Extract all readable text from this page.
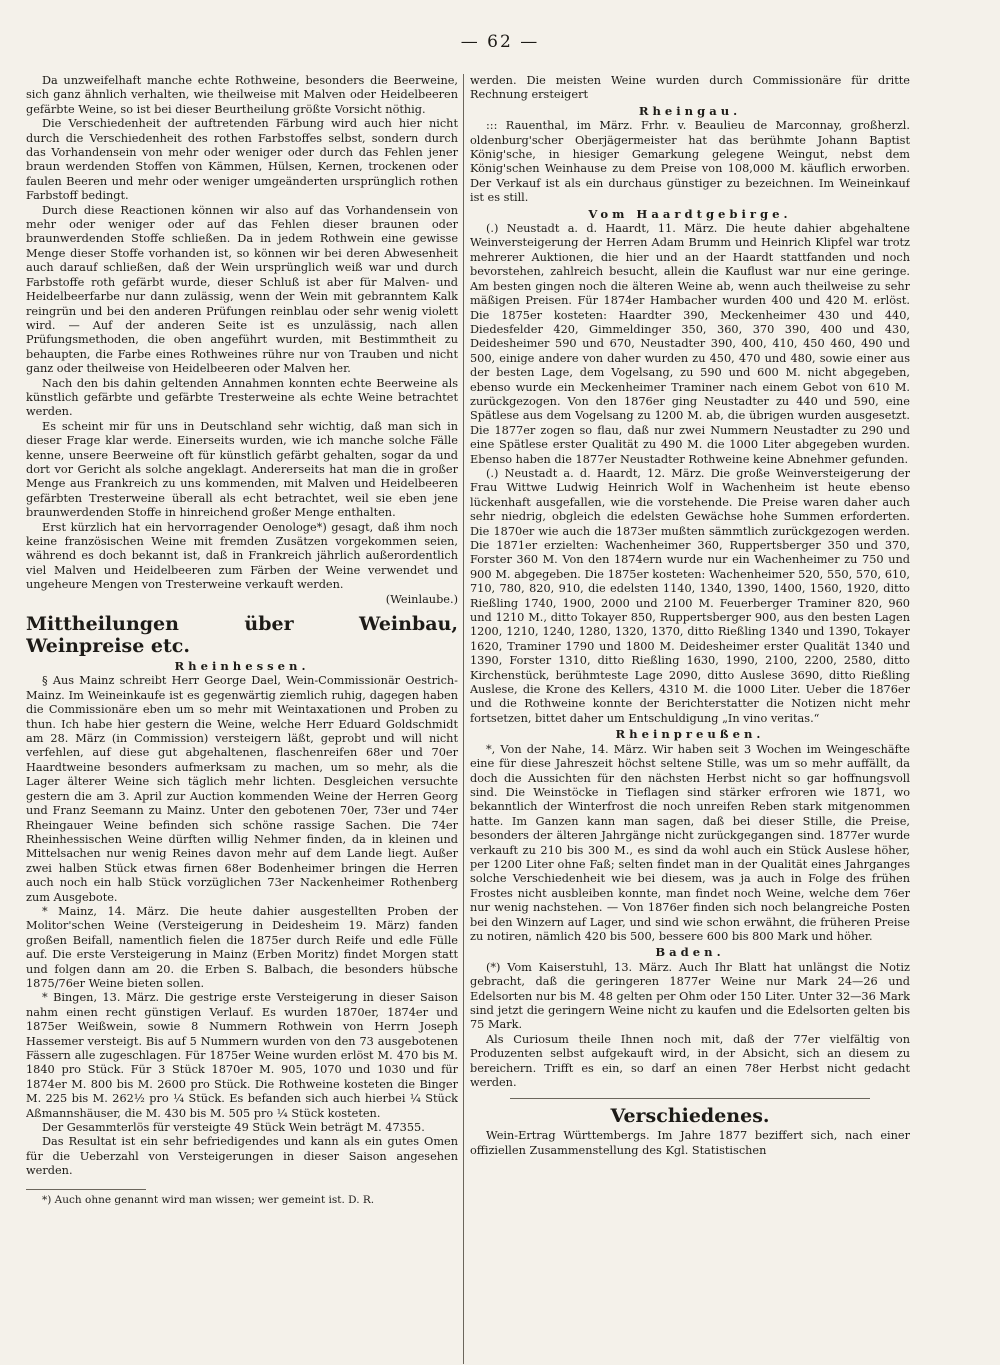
— 62 —

Da unzweifelhaft manche echte Rothweine, besonders die Beerweine, sich ganz ähnlich verhalten, wie theilweise mit Malven oder Heidelbeeren gefärbte Weine, so ist bei dieser Beurtheilung größte Vorsicht nöthig.

Die Verschiedenheit der auftretenden Färbung wird auch hier nicht durch die Verschiedenheit des rothen Farbstoffes selbst, sondern durch das Vorhandensein von mehr oder weniger oder durch das Fehlen jener braun werdenden Stoffen von Kämmen, Hülsen, Kernen, trockenen oder faulen Beeren und mehr oder weniger umgeänderten ursprünglich rothen Farbstoff bedingt.

Durch diese Reactionen können wir also auf das Vorhandensein von mehr oder weniger oder auf das Fehlen dieser braunen oder braunwerdenden Stoffe schließen. Da in jedem Rothwein eine gewisse Menge dieser Stoffe vorhanden ist, so können wir bei deren Abwesenheit auch darauf schließen, daß der Wein ursprünglich weiß war und durch Farbstoffe roth gefärbt wurde, dieser Schluß ist aber für Malven- und Heidelbeerfarbe nur dann zulässig, wenn der Wein mit gebranntem Kalk reingrün und bei den anderen Prüfungen reinblau oder sehr wenig violett wird. — Auf der anderen Seite ist es unzulässig, nach allen Prüfungsmethoden, die oben angeführt wurden, mit Bestimmtheit zu behaupten, die Farbe eines Rothweines rühre nur von Trauben und nicht ganz oder theilweise von Heidelbeeren oder Malven her.

Nach den bis dahin geltenden Annahmen konnten echte Beerweine als künstlich gefärbte und gefärbte Tresterweine als echte Weine betrachtet werden.

Es scheint mir für uns in Deutschland sehr wichtig, daß man sich in dieser Frage klar werde. Einerseits wurden, wie ich manche solche Fälle kenne, unsere Beerweine oft für künstlich gefärbt gehalten, sogar da und dort vor Gericht als solche angeklagt. Andererseits hat man die in großer Menge aus Frankreich zu uns kommenden, mit Malven und Heidelbeeren gefärbten Tresterweine überall als echt betrachtet, weil sie eben jene braunwerdenden Stoffe in hinreichend großer Menge enthalten.

Erst kürzlich hat ein hervorragender Oenologe*) gesagt, daß ihm noch keine französischen Weine mit fremden Zusätzen vorgekommen seien, während es doch bekannt ist, daß in Frankreich jährlich außerordentlich viel Malven und Heidelbeeren zum Färben der Weine verwendet und ungeheure Mengen von Tresterweine verkauft werden.

(Weinlaube.)

Mittheilungen über Weinbau, Weinpreise etc.
Rheinhessen.

§ Aus Mainz schreibt Herr George Dael, Wein-Commissionär Oestrich-Mainz. Im Weineinkaufe ist es gegenwärtig ziemlich ruhig, dagegen haben die Commissionäre eben um so mehr mit Weintaxationen und Proben zu thun. Ich habe hier gestern die Weine, welche Herr Eduard Goldschmidt am 28. März (in Commission) versteigern läßt, geprobt und will nicht verfehlen, auf diese gut abgehaltenen, flaschenreifen 68er und 70er Haardtweine besonders aufmerksam zu machen, um so mehr, als die Lager älterer Weine sich täglich mehr lichten. Desgleichen versuchte gestern die am 3. April zur Auction kommenden Weine der Herren Georg und Franz Seemann zu Mainz. Unter den gebotenen 70er, 73er und 74er Rheingauer Weine befinden sich schöne rassige Sachen. Die 74er Rheinhessischen Weine dürften willig Nehmer finden, da in kleinen und Mittelsachen nur wenig Reines davon mehr auf dem Lande liegt. Außer zwei halben Stück etwas firnen 68er Bodenheimer bringen die Herren auch noch ein halb Stück vorzüglichen 73er Nackenheimer Rothenberg zum Ausgebote.

* Mainz, 14. März. Die heute dahier ausgestellten Proben der Molitor'schen Weine (Versteigerung in Deidesheim 19. März) fanden großen Beifall, namentlich fielen die 1875er durch Reife und edle Fülle auf. Die erste Versteigerung in Mainz (Erben Moritz) findet Morgen statt und folgen dann am 20. die Erben S. Balbach, die besonders hübsche 1875/76er Weine bieten sollen.

* Bingen, 13. März. Die gestrige erste Versteigerung in dieser Saison nahm einen recht günstigen Verlauf. Es wurden 1870er, 1874er und 1875er Weißwein, sowie 8 Nummern Rothwein von Herrn Joseph Hassemer versteigt. Bis auf 5 Nummern wurden von den 73 ausgebotenen Fässern alle zugeschlagen. Für 1875er Weine wurden erlöst M. 470 bis M. 1840 pro Stück. Für 3 Stück 1870er M. 905, 1070 und 1030 und für 1874er M. 800 bis M. 2600 pro Stück. Die Rothweine kosteten die Binger M. 225 bis M. 262½ pro ¼ Stück. Es befanden sich auch hierbei ¼ Stück Aßmannshäuser, die M. 430 bis M. 505 pro ¼ Stück kosteten.

Der Gesammterlös für versteigte 49 Stück Wein beträgt M. 47355.

Das Resultat ist ein sehr befriedigendes und kann als ein gutes Omen für die Ueberzahl von Versteigerungen in dieser Saison angesehen werden.

*) Auch ohne genannt wird man wissen; wer gemeint ist. D. R.

werden. Die meisten Weine wurden durch Commissionäre für dritte Rechnung ersteigert

Rheingau.

::: Rauenthal, im März. Frhr. v. Beaulieu de Marconnay, großherzl. oldenburg'scher Oberjägermeister hat das berühmte Johann Baptist König'sche, in hiesiger Gemarkung gelegene Weingut, nebst dem König'schen Weinhause zu dem Preise von 108,000 M. käuflich erworben. Der Verkauf ist als ein durchaus günstiger zu bezeichnen. Im Weineinkauf ist es still.

Vom Haardtgebirge.

(.) Neustadt a. d. Haardt, 11. März. Die heute dahier abgehaltene Weinversteigerung der Herren Adam Brumm und Heinrich Klipfel war trotz mehrerer Auktionen, die hier und an der Haardt stattfanden und noch bevorstehen, zahlreich besucht, allein die Kauflust war nur eine geringe. Am besten gingen noch die älteren Weine ab, wenn auch theilweise zu sehr mäßigen Preisen. Für 1874er Hambacher wurden 400 und 420 M. erlöst. Die 1875er kosteten: Haardter 390, Meckenheimer 430 und 440, Diedesfelder 420, Gimmeldinger 350, 360, 370 390, 400 und 430, Deidesheimer 590 und 670, Neustadter 390, 400, 410, 450 460, 490 und 500, einige andere von daher wurden zu 450, 470 und 480, sowie einer aus der besten Lage, dem Vogelsang, zu 590 und 600 M. nicht abgegeben, ebenso wurde ein Meckenheimer Traminer nach einem Gebot von 610 M. zurückgezogen. Von den 1876er ging Neustadter zu 440 und 590, eine Spätlese aus dem Vogelsang zu 1200 M. ab, die übrigen wurden ausgesetzt. Die 1877er zogen so flau, daß nur zwei Nummern Neustadter zu 290 und eine Spätlese erster Qualität zu 490 M. die 1000 Liter abgegeben wurden. Ebenso haben die 1877er Neustadter Rothweine keine Abnehmer gefunden.

(.) Neustadt a. d. Haardt, 12. März. Die große Weinversteigerung der Frau Wittwe Ludwig Heinrich Wolf in Wachenheim ist heute ebenso lückenhaft ausgefallen, wie die vorstehende. Die Preise waren daher auch sehr niedrig, obgleich die edelsten Gewächse hohe Summen erforderten. Die 1870er wie auch die 1873er mußten sämmtlich zurückgezogen werden. Die 1871er erzielten: Wachenheimer 360, Ruppertsberger 350 und 370, Forster 360 M. Von den 1874ern wurde nur ein Wachenheimer zu 750 und 900 M. abgegeben. Die 1875er kosteten: Wachenheimer 520, 550, 570, 610, 710, 780, 820, 910, die edelsten 1140, 1340, 1390, 1400, 1560, 1920, ditto Rießling 1740, 1900, 2000 und 2100 M. Feuerberger Traminer 820, 960 und 1210 M., ditto Tokayer 850, Ruppertsberger 900, aus den besten Lagen 1200, 1210, 1240, 1280, 1320, 1370, ditto Rießling 1340 und 1390, Tokayer 1620, Traminer 1790 und 1800 M. Deidesheimer erster Qualität 1340 und 1390, Forster 1310, ditto Rießling 1630, 1990, 2100, 2200, 2580, ditto Kirchenstück, berühmteste Lage 2090, ditto Auslese 3690, ditto Rießling Auslese, die Krone des Kellers, 4310 M. die 1000 Liter. Ueber die 1876er und die Rothweine konnte der Berichterstatter die Notizen nicht mehr fortsetzen, bittet daher um Entschuldigung „In vino veritas.“

Rheinpreußen.

*, Von der Nahe, 14. März. Wir haben seit 3 Wochen im Weingeschäfte eine für diese Jahreszeit höchst seltene Stille, was um so mehr auffällt, da doch die Aussichten für den nächsten Herbst nicht so gar hoffnungsvoll sind. Die Weinstöcke in Tieflagen sind stärker erfroren wie 1871, wo bekanntlich der Winterfrost die noch unreifen Reben stark mitgenommen hatte. Im Ganzen kann man sagen, daß bei dieser Stille, die Preise, besonders der älteren Jahrgänge nicht zurückgegangen sind. 1877er wurde verkauft zu 210 bis 300 M., es sind da wohl auch ein Stück Auslese höher, per 1200 Liter ohne Faß; selten findet man in der Qualität eines Jahrganges solche Verschiedenheit wie bei diesem, was ja auch in Folge des frühen Frostes nicht ausbleiben konnte, man findet noch Weine, welche dem 76er nur wenig nachstehen. — Von 1876er finden sich noch belangreiche Posten bei den Winzern auf Lager, und sind wie schon erwähnt, die früheren Preise zu notiren, nämlich 420 bis 500, bessere 600 bis 800 Mark und höher.

Baden.

(*) Vom Kaiserstuhl, 13. März. Auch Ihr Blatt hat unlängst die Notiz gebracht, daß die geringeren 1877er Weine nur Mark 24—26 und Edelsorten nur bis M. 48 gelten per Ohm oder 150 Liter. Unter 32—36 Mark sind jetzt die geringern Weine nicht zu kaufen und die Edelsorten gelten bis 75 Mark.

Als Curiosum theile Ihnen noch mit, daß der 77er vielfältig von Produzenten selbst aufgekauft wird, in der Absicht, sich an diesem zu bereichern. Trifft es ein, so darf an einen 78er Herbst nicht gedacht werden.

Verschiedenes.

Wein-Ertrag Württembergs. Im Jahre 1877 beziffert sich, nach einer offiziellen Zusammenstellung des Kgl. Statistischen
